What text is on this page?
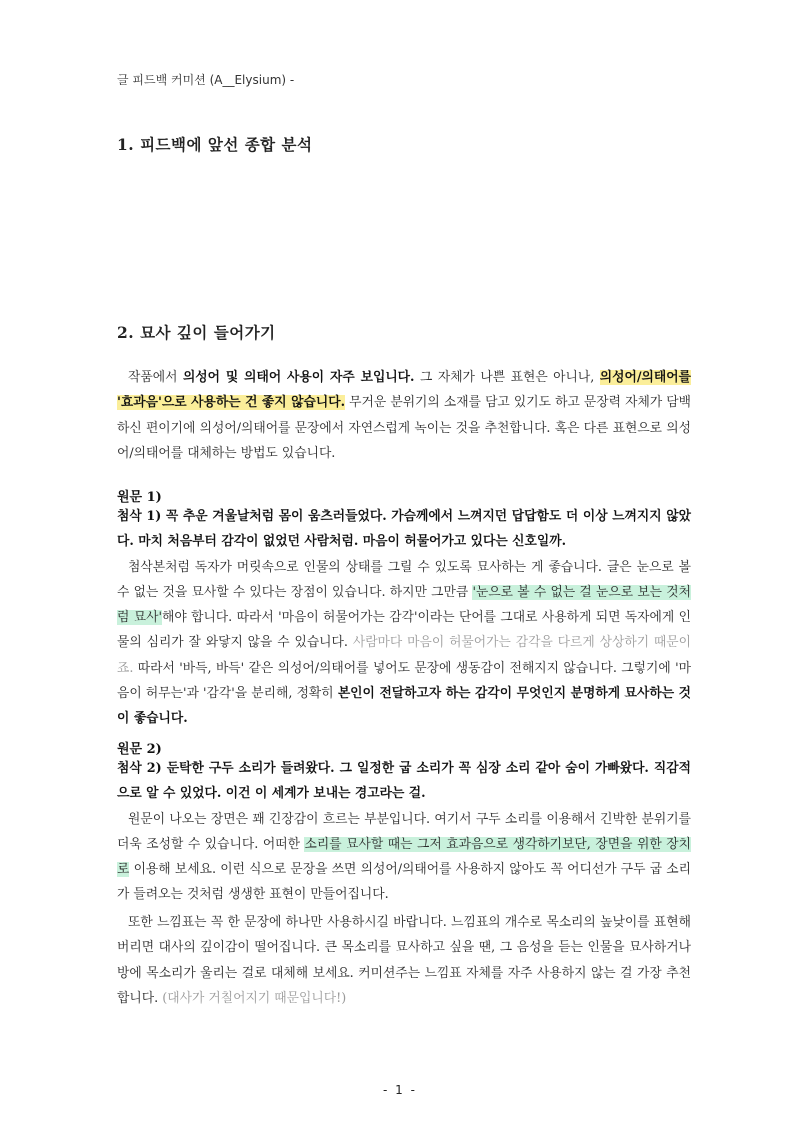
글 피드백 커미션 (A__Elysium) -
1. 피드백에 앞선 종합 분석
2. 묘사 깊이 들어가기
작품에서 의성어 및 의태어 사용이 자주 보입니다. 그 자체가 나쁜 표현은 아니나, 의성어/의태어를 '효과음'으로 사용하는 건 좋지 않습니다. 무거운 분위기의 소재를 담고 있기도 하고 문장력 자체가 담백하신 편이기에 의성어/의태어를 문장에서 자연스럽게 녹이는 것을 추천합니다. 혹은 다른 표현으로 의성어/의태어를 대체하는 방법도 있습니다.
원문 1)
첨삭 1) 꼭 추운 겨울날처럼 몸이 움츠러들었다. 가슴께에서 느껴지던 답답함도 더 이상 느껴지지 않았다. 마치 처음부터 감각이 없었던 사람처럼. 마음이 허물어가고 있다는 신호일까.
첨삭본처럼 독자가 머릿속으로 인물의 상태를 그릴 수 있도록 묘사하는 게 좋습니다. 글은 눈으로 볼 수 없는 것을 묘사할 수 있다는 장점이 있습니다. 하지만 그만큼 '눈으로 볼 수 없는 걸 눈으로 보는 것처럼 묘사'해야 합니다. 따라서 '마음이 허물어가는 감각'이라는 단어를 그대로 사용하게 되면 독자에게 인물의 심리가 잘 와닿지 않을 수 있습니다. 사람마다 마음이 허물어가는 감각을 다르게 상상하기 때문이죠. 따라서 '바득, 바득' 같은 의성어/의태어를 넣어도 문장에 생동감이 전해지지 않습니다. 그렇기에 '마음이 허무는'과 '감각'을 분리해, 정확히 본인이 전달하고자 하는 감각이 무엇인지 분명하게 묘사하는 것이 좋습니다.
원문 2)
첨삭 2) 둔탁한 구두 소리가 들려왔다. 그 일정한 굽 소리가 꼭 심장 소리 같아 숨이 가빠왔다. 직감적으로 알 수 있었다. 이건 이 세계가 보내는 경고라는 걸.
원문이 나오는 장면은 꽤 긴장감이 흐르는 부분입니다. 여기서 구두 소리를 이용해서 긴박한 분위기를 더욱 조성할 수 있습니다. 어떠한 소리를 묘사할 때는 그저 효과음으로 생각하기보단, 장면을 위한 장치로 이용해 보세요. 이런 식으로 문장을 쓰면 의성어/의태어를 사용하지 않아도 꼭 어디선가 구두 굽 소리가 들려오는 것처럼 생생한 표현이 만들어집니다.
또한 느낌표는 꼭 한 문장에 하나만 사용하시길 바랍니다. 느낌표의 개수로 목소리의 높낮이를 표현해버리면 대사의 깊이감이 떨어집니다. 큰 목소리를 묘사하고 싶을 땐, 그 음성을 듣는 인물을 묘사하거나 방에 목소리가 울리는 걸로 대체해 보세요. 커미션주는 느낌표 자체를 자주 사용하지 않는 걸 가장 추천합니다. (대사가 거칠어지기 때문입니다!)
- 1 -
